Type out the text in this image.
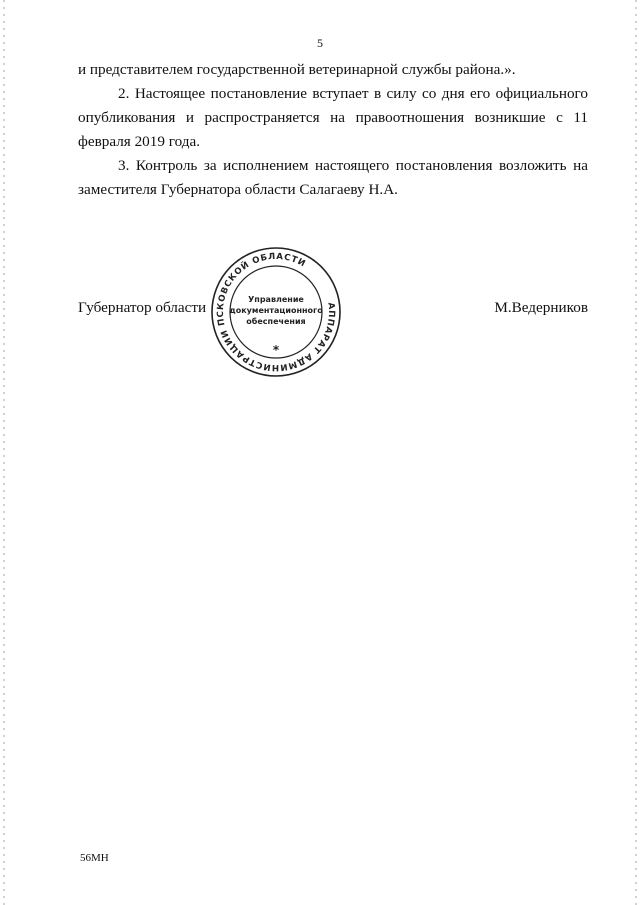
5

и представителем государственной ветеринарной службы района.».

2. Настоящее постановление вступает в силу со дня его официального опубликования и распространяется на правоотношения возникшие с 11 февраля 2019 года.

3. Контроль за исполнением настоящего постановления возложить на заместителя Губернатора области Салагаеву Н.А.

Губернатор области	М.Ведерников
АППАРАТ АДМИНИСТРАЦИИ ПСКОВСКОЙ ОБЛАСТИ
Управление
документационного
обеспечения
*
56МН
